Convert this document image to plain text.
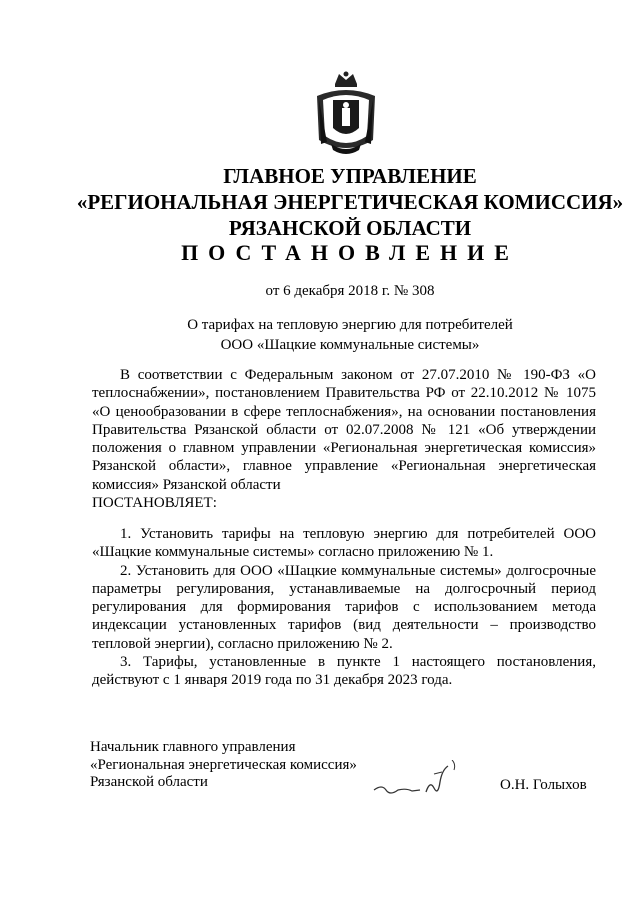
ГЛАВНОЕ УПРАВЛЕНИЕ
«РЕГИОНАЛЬНАЯ ЭНЕРГЕТИЧЕСКАЯ КОМИССИЯ»
РЯЗАНСКОЙ ОБЛАСТИ
ПОСТАНОВЛЕНИЕ
от 6 декабря 2018 г. № 308
О тарифах на тепловую энергию для потребителей
ООО «Шацкие коммунальные системы»

В соответствии с Федеральным законом от 27.07.2010 № 190-ФЗ «О теплоснабжении», постановлением Правительства РФ от 22.10.2012 № 1075 «О ценообразовании в сфере теплоснабжения», на основании постановления Правительства Рязанской области от 02.07.2008 № 121 «Об утверждении положения о главном управлении «Региональная энергетическая комиссия» Рязанской области», главное управление «Региональная энергетическая комиссия» Рязанской области

ПОСТАНОВЛЯЕТ:

1. Установить тарифы на тепловую энергию для потребителей ООО «Шацкие коммунальные системы» согласно приложению № 1.

2. Установить для ООО «Шацкие коммунальные системы» долгосрочные параметры регулирования, устанавливаемые на долгосрочный период регулирования для формирования тарифов с использованием метода индексации установленных тарифов (вид деятельности – производство тепловой энергии), согласно приложению № 2.

3. Тарифы, установленные в пункте 1 настоящего постановления, действуют с 1 января 2019 года по 31 декабря 2023 года.

Начальник главного управления
«Региональная энергетическая комиссия»
Рязанской области	О.Н. Голыхов
